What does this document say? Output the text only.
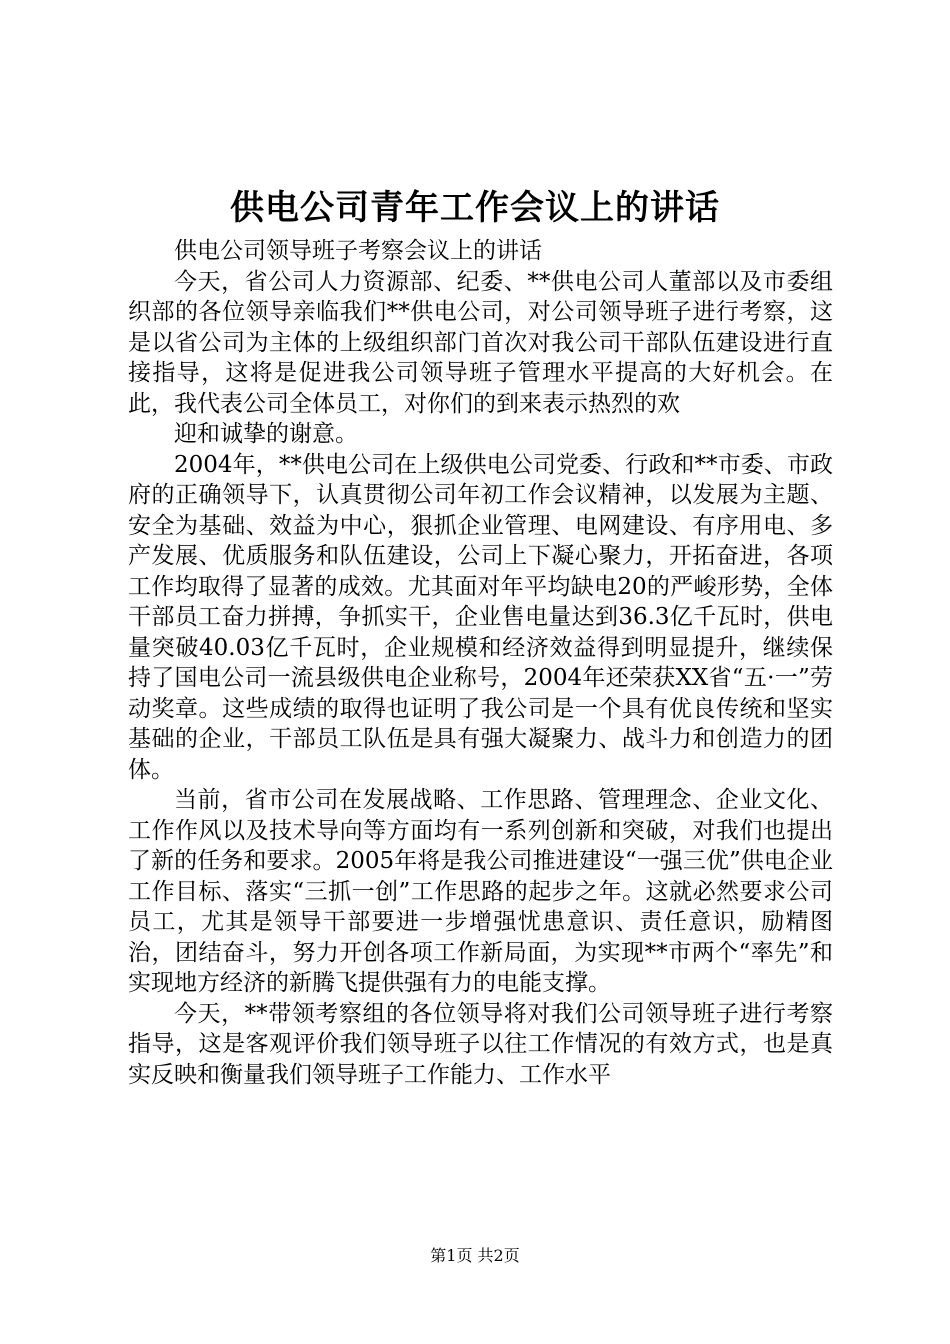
供电公司青年工作会议上的讲话

供电公司领导班子考察会议上的讲话

今天，省公司人力资源部、纪委、**供电公司人董部以及市委组织部的各位领导亲临我们**供电公司，对公司领导班子进行考察，这是以省公司为主体的上级组织部门首次对我公司干部队伍建设进行直接指导，这将是促进我公司领导班子管理水平提高的大好机会。在此，我代表公司全体员工，对你们的到来表示热烈的欢

迎和诚挚的谢意。

2004年，**供电公司在上级供电公司党委、行政和**市委、市政府的正确领导下，认真贯彻公司年初工作会议精神，以发展为主题、安全为基础、效益为中心，狠抓企业管理、电网建设、有序用电、多产发展、优质服务和队伍建设，公司上下凝心聚力，开拓奋进，各项工作均取得了显著的成效。尤其面对年平均缺电20的严峻形势，全体干部员工奋力拼搏，争抓实干，企业售电量达到36.3亿千瓦时，供电量突破40.03亿千瓦时，企业规模和经济效益得到明显提升，继续保持了国电公司一流县级供电企业称号，2004年还荣获XX省“五·一”劳动奖章。这些成绩的取得也证明了我公司是一个具有优良传统和坚实基础的企业，干部员工队伍是具有强大凝聚力、战斗力和创造力的团体。

当前，省市公司在发展战略、工作思路、管理理念、企业文化、工作作风以及技术导向等方面均有一系列创新和突破，对我们也提出了新的任务和要求。2005年将是我公司推进建设“一强三优”供电企业工作目标、落实“三抓一创”工作思路的起步之年。这就必然要求公司员工，尤其是领导干部要进一步增强忧患意识、责任意识，励精图治，团结奋斗，努力开创各项工作新局面，为实现**市两个“率先”和实现地方经济的新腾飞提供强有力的电能支撑。

今天，**带领考察组的各位领导将对我们公司领导班子进行考察指导，这是客观评价我们领导班子以往工作情况的有效方式，也是真实反映和衡量我们领导班子工作能力、工作水平

第1页 共2页
